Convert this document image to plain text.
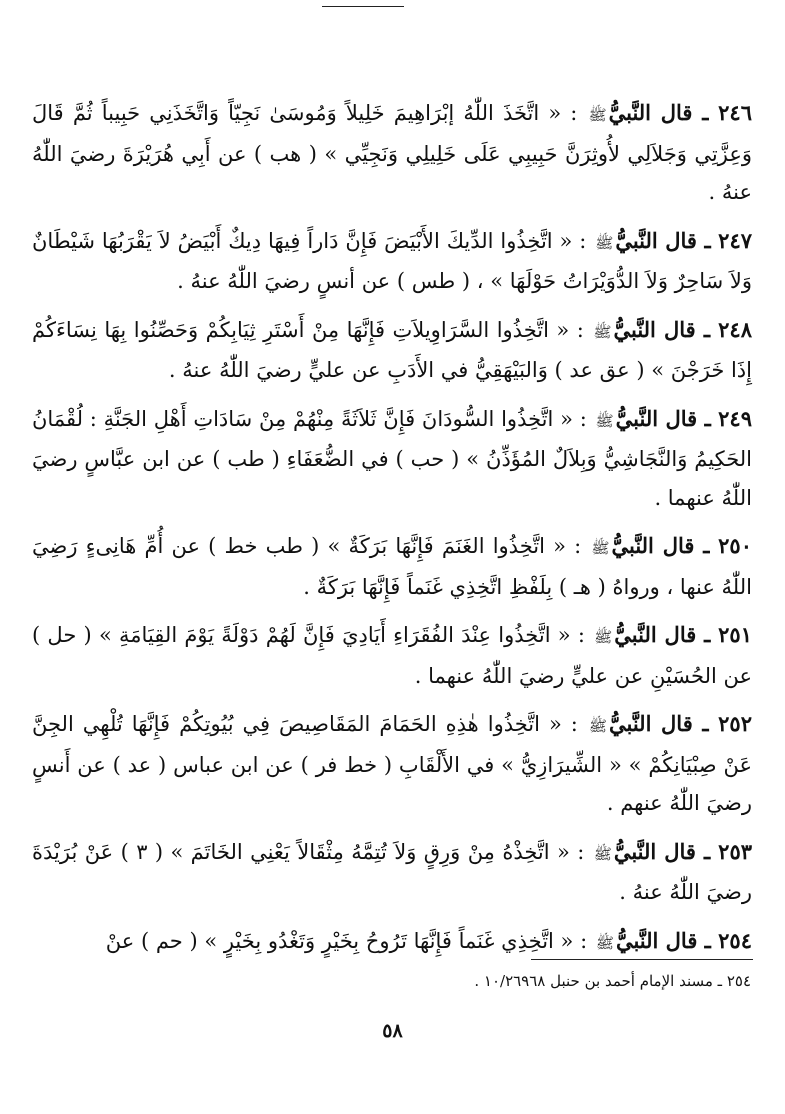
٢٤٦ ـ قال النَّبيُّﷺ : « اتَّخَذَ اللّٰهُ إبْرَاهِيمَ خَلِيلاً وَمُوسَىٰ نَجِيّاً وَاتَّخَذَنِي حَبِيباً ثُمَّ قَالَ وَعِزَّتِي وَجَلاَلِي لأُوثِرَنَّ حَبِيبِي عَلَى خَلِيلِي وَنَجِيِّي » ( هب ) عن أَبِي هُرَيْرَةَ رضيَ اللّٰهُ عنهُ .

٢٤٧ ـ قال النَّبيُّﷺ : « اتَّخِذُوا الدِّيكَ الأَبْيَضَ فَإِنَّ دَاراً فِيهَا دِيكٌ أَبْيَضُ لاَ يَقْرَبُهَا شَيْطَانٌ وَلاَ سَاحِرٌ وَلاَ الدُّوَيْرَاتُ حَوْلَهَا » ، ( طس ) عن أنسٍ رضيَ اللّٰهُ عنهُ .

٢٤٨ ـ قال النَّبيُّﷺ : « اتَّخِذُوا السَّرَاوِيلاَتِ فَإِنَّهَا مِنْ أَسْتَرِ ثِيَابِكُمْ وَحَصِّنُوا بِهَا نِسَاءَكُمْ إِذَا خَرَجْنَ » ( عق عد ) وَالبَيْهَقِيُّ في الأَدَبِ عن عليٍّ رضيَ اللّٰهُ عنهُ .

٢٤٩ ـ قال النَّبيُّﷺ : « اتَّخِذُوا السُّودَانَ فَإِنَّ ثَلاَثَةً مِنْهُمْ مِنْ سَادَاتِ أَهْلِ الجَنَّةِ : لُقْمَانُ الحَكِيمُ وَالنَّجَاشِيُّ وَبِلاَلٌ المُؤَذِّنُ » ( حب ) في الضُّعَفَاءِ ( طب ) عن ابن عبَّاسٍ رضيَ اللّٰهُ عنهما .

٢٥٠ ـ قال النَّبيُّﷺ : « اتَّخِذُوا الغَنَمَ فَإِنَّهَا بَرَكَةٌ » ( طب خط ) عن أُمِّ هَانِىءٍ رَضِيَ اللّٰهُ عنها ، ورواهُ ( هـ ) بِلَفْظِ اتَّخِذِي غَنَماً فَإِنَّهَا بَرَكَةٌ .

٢٥١ ـ قال النَّبيُّﷺ : « اتَّخِذُوا عِنْدَ الفُقَرَاءِ أَيَادِيَ فَإِنَّ لَهُمْ دَوْلَةً يَوْمَ القِيَامَةِ » ( حل ) عن الحُسَيْنِ عن عليٍّ رضيَ اللّٰهُ عنهما .

٢٥٢ ـ قال النَّبيُّﷺ : « اتَّخِذُوا هٰذِهِ الحَمَامَ المَقَاصِيصَ فِي بُيُوتِكُمْ فَإِنَّهَا تُلْهِي الجِنَّ عَنْ صِبْيَانِكُمْ » « الشِّيرَازِيُّ » في الأَلْقَابِ ( خط فر ) عن ابن عباس ( عد ) عن أَنسٍ رضيَ اللّٰهُ عنهم .

٢٥٣ ـ قال النَّبيُّﷺ : « اتَّخِذْهُ مِنْ وَرِقٍ وَلاَ تُتِمَّهُ مِثْقَالاً يَعْنِي الخَاتَمَ » ( ٣ ) عَنْ بُرَيْدَةَ رضيَ اللّٰهُ عنهُ .

٢٥٤ ـ قال النَّبيُّﷺ : « اتَّخِذِي غَنَماً فَإِنَّهَا تَرُوحُ بِخَيْرٍ وَتَغْدُو بِخَيْرٍ » ( حم ) عنْ

٢٥٤ ـ مسند الإمام أحمد بن حنبل ١٠/٢٦٩٦٨ .
٥٨
